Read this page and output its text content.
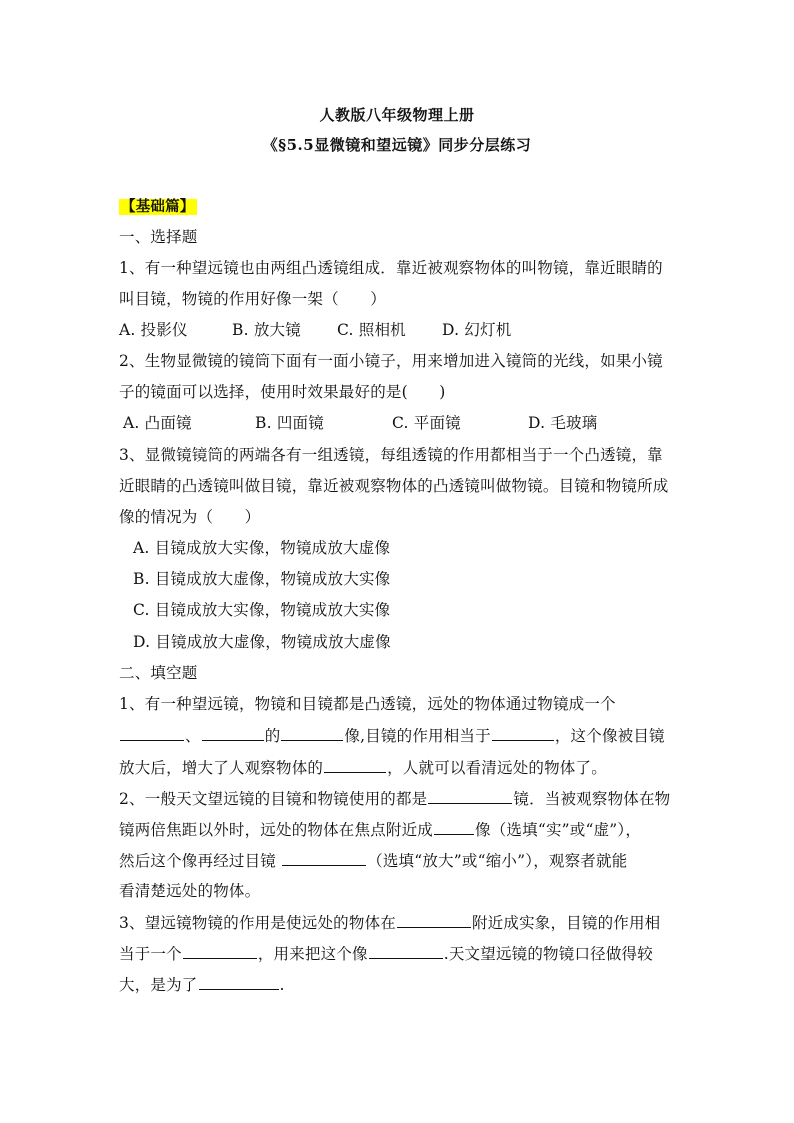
人教版八年级物理上册
《§5.5显微镜和望远镜》同步分层练习
【基础篇】
一、选择题
1、有一种望远镜也由两组凸透镜组成．靠近被观察物体的叫物镜，靠近眼睛的
叫目镜，物镜的作用好像一架（　　）
A. 投影仪	B. 放大镜 C. 照相机 D. 幻灯机
2、生物显微镜的镜筒下面有一面小镜子，用来增加进入镜筒的光线，如果小镜
子的镜面可以选择，使用时效果最好的是(　　)
A. 凸面镜	B. 凹面镜	C. 平面镜	D. 毛玻璃
3、显微镜镜筒的两端各有一组透镜，每组透镜的作用都相当于一个凸透镜，靠
近眼睛的凸透镜叫做目镜，靠近被观察物体的凸透镜叫做物镜。目镜和物镜所成
像的情况为（　　）
A. 目镜成放大实像，物镜成放大虚像
B. 目镜成放大虚像，物镜成放大实像
C. 目镜成放大实像，物镜成放大实像
D. 目镜成放大虚像，物镜成放大虚像
二、填空题
1、有一种望远镜，物镜和目镜都是凸透镜，远处的物体通过物镜成一个
、	的	像,目镜的作用相当于	，这个像被目镜
放大后，增大了人观察物体的	，人就可以看清远处的物体了。
2、一般天文望远镜的目镜和物镜使用的都是	镜．当被观察物体在物
镜两倍焦距以外时，远处的物体在焦点附近成	像（选填“实”或“虚”），
然后这个像再经过目镜	（选填“放大”或“缩小”），观察者就能
看清楚远处的物体。
3、望远镜物镜的作用是使远处的物体在	附近成实象，目镜的作用相
当于一个	，用来把这个像	.天文望远镜的物镜口径做得较
大，是为了	.
